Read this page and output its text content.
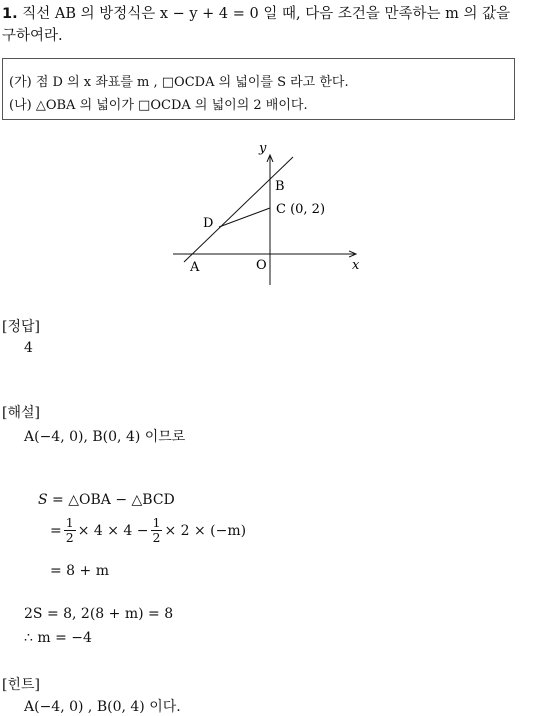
1. 직선 AB 의 방정식은 x − y + 4 = 0 일 때, 다음 조건을 만족하는 m 의 값을
구하여라.
(가) 점 D 의 x 좌표를 m , □OCDA 의 넓이를 S 라고 한다.
(나) △OBA 의 넓이가 □OCDA 의 넓이의 2 배이다.
y
x
B
C (0, 2)
D
A	O
[정답]
4
[해설]
A(−4, 0), B(0, 4) 이므로
S = △OBA − △BCD
= $\frac{1}{2} \times 4 \times 4 - \frac{1}{2} \times 2 \times (-m)$
= 8 + m
2S = 8, 2(8 + m) = 8
∴ m = −4
[힌트]
A(−4, 0) , B(0, 4) 이다.
